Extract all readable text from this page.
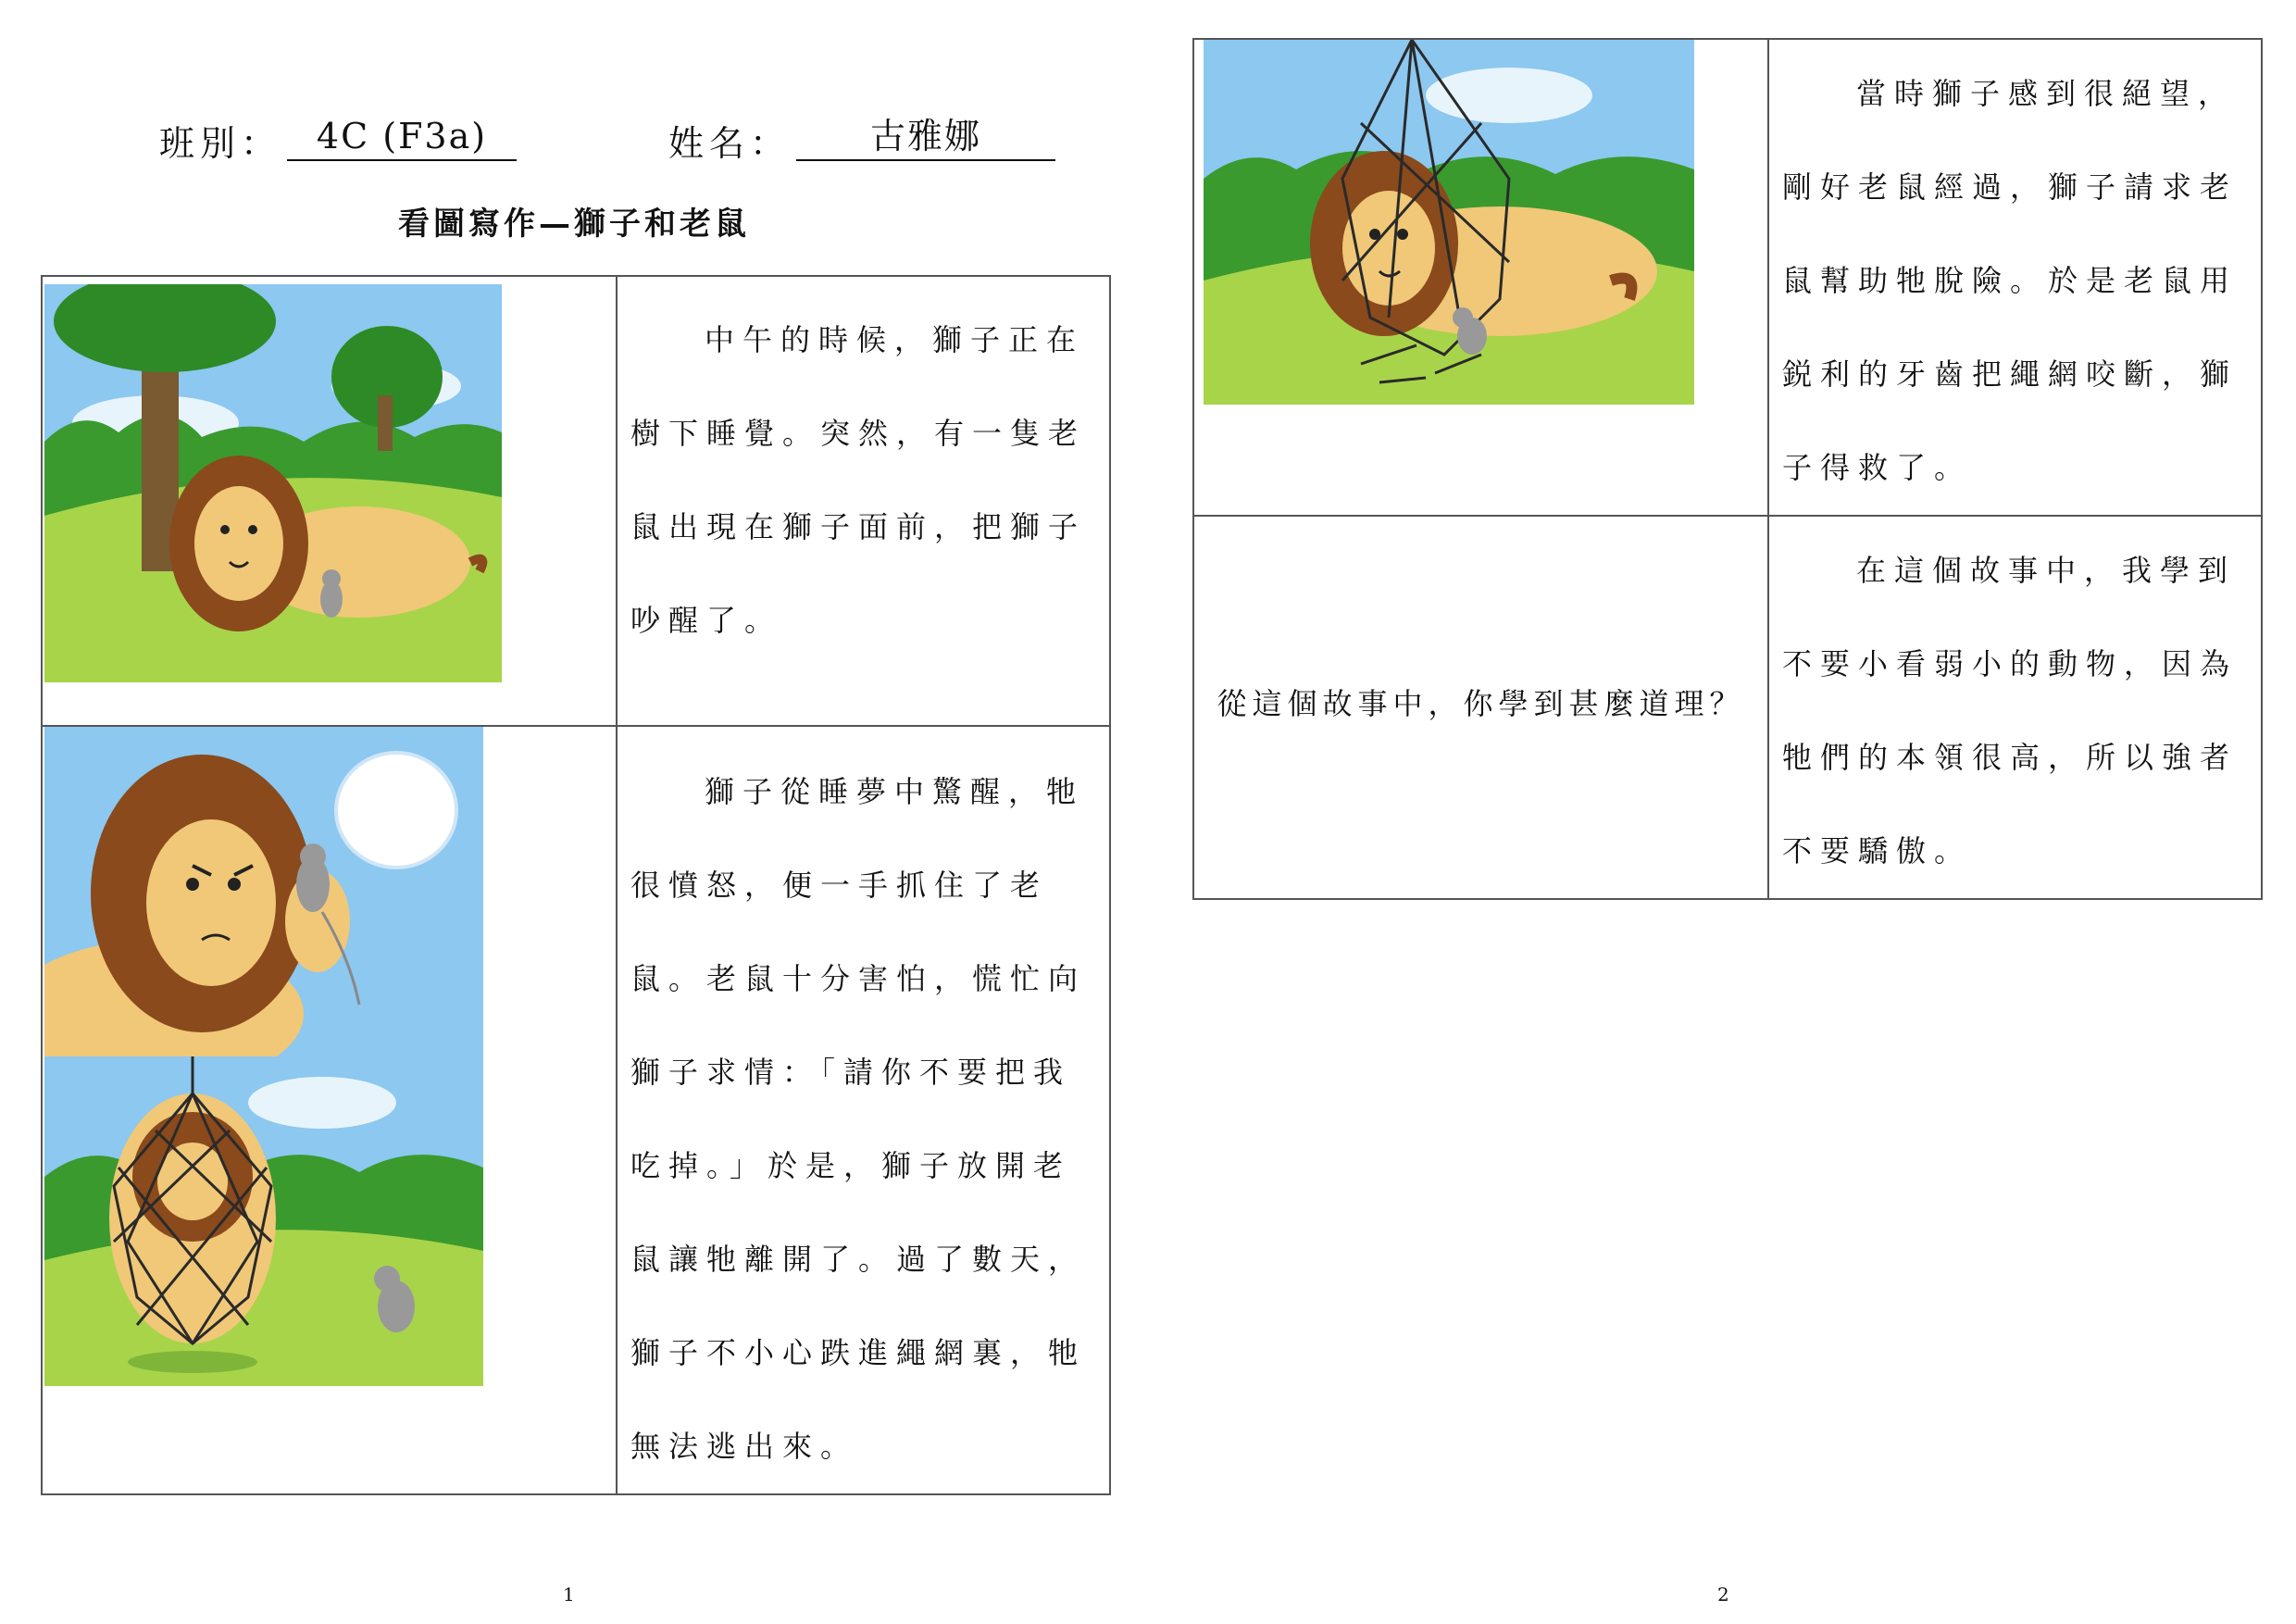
班別： 4C (F3a)	姓名：	古雅娜
看圖寫作—獅子和老鼠

中午的時候，獅子正在樹下睡覺。突然，有一隻老鼠出現在獅子面前，把獅子吵醒了。

獅子從睡夢中驚醒，牠很憤怒，便一手抓住了老鼠。老鼠十分害怕，慌忙向獅子求情：「請你不要把我吃掉。」於是，獅子放開老鼠讓牠離開了。過了數天，獅子不小心跌進繩網裏，牠無法逃出來。
1

當時獅子感到很絕望，剛好老鼠經過，獅子請求老鼠幫助牠脫險。於是老鼠用鋭利的牙齒把繩網咬斷，獅子得救了。

從這個故事中，你學到甚麼道理？	在這個故事中，我學到不要小看弱小的動物，因為牠們的本領很高，所以強者不要驕傲。
2
